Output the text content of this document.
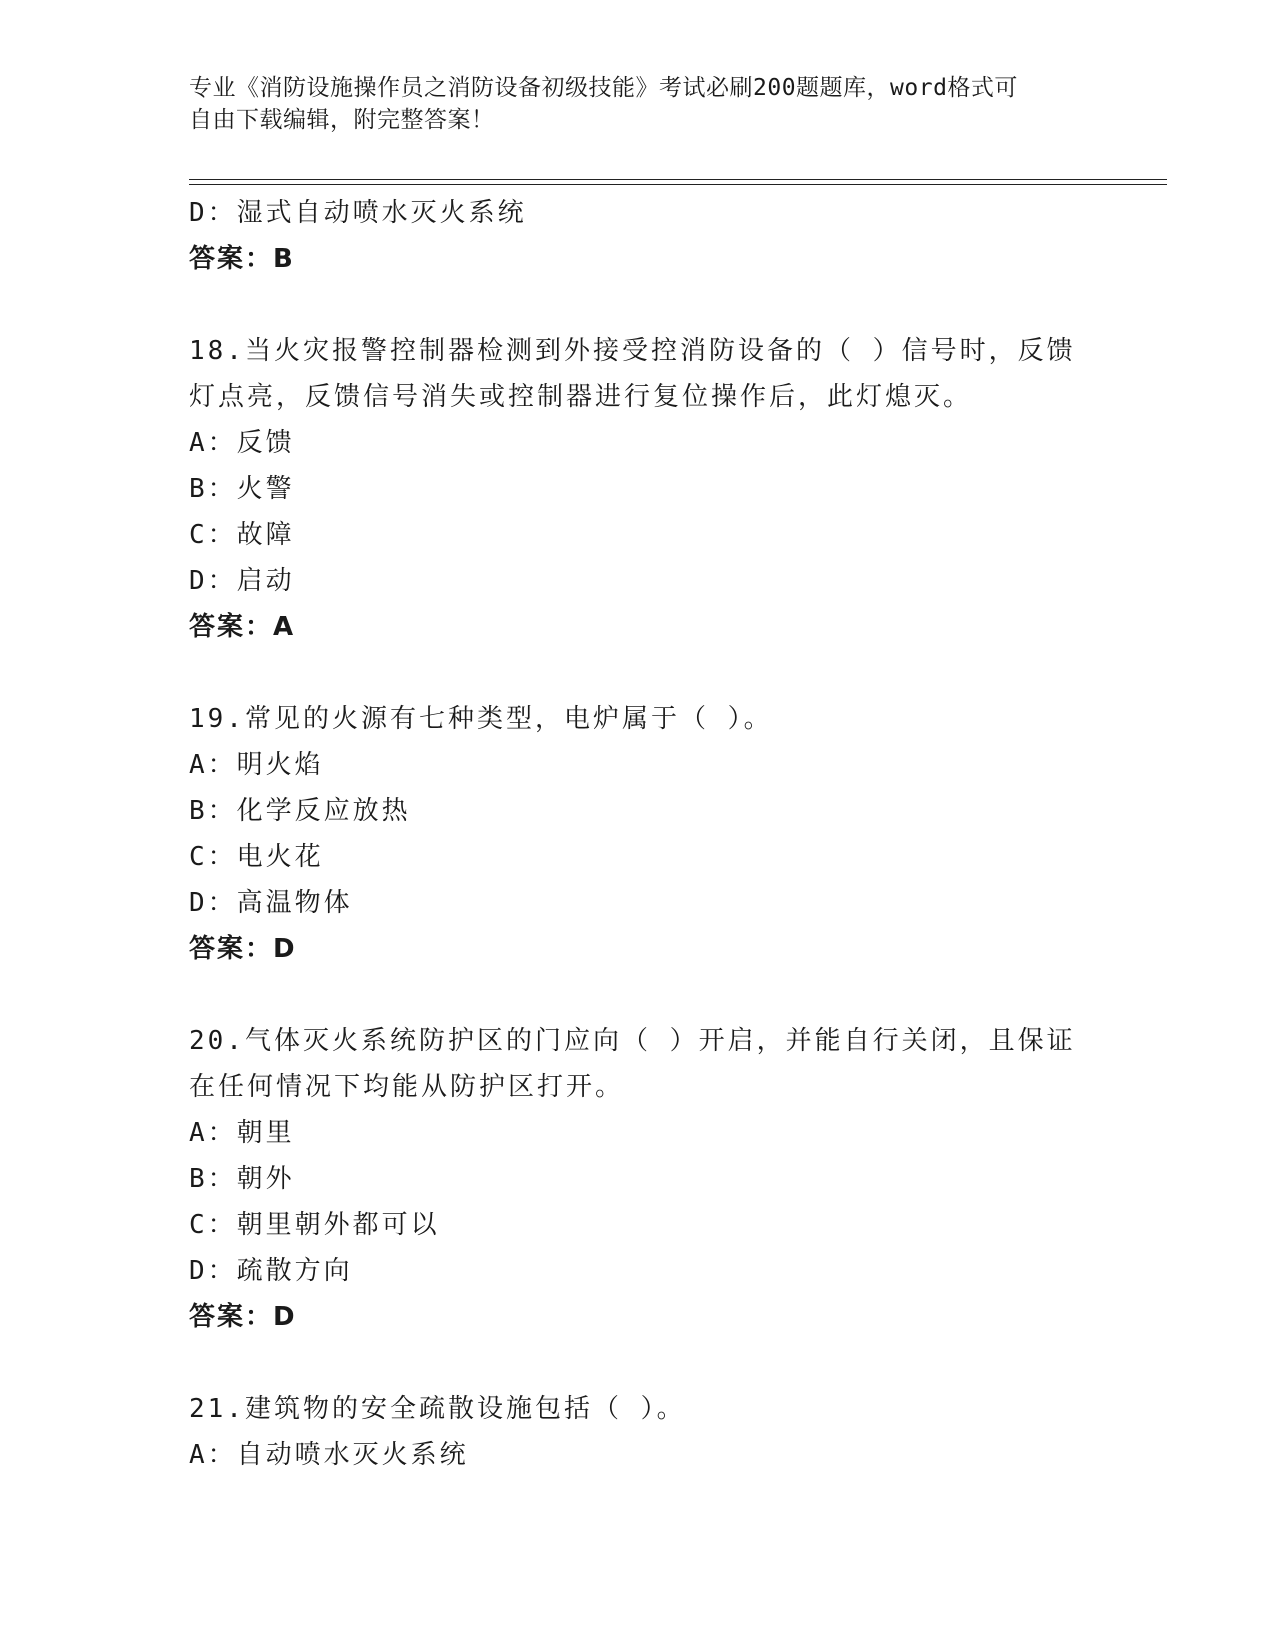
专业《消防设施操作员之消防设备初级技能》考试必刷200题题库，word格式可
自由下载编辑，附完整答案！
D：湿式自动喷水灭火系统
答案：B
18.当火灾报警控制器检测到外接受控消防设备的（ ）信号时，反馈
灯点亮，反馈信号消失或控制器进行复位操作后，此灯熄灭。
A：反馈
B：火警
C：故障
D：启动
答案：A
19.常见的火源有七种类型，电炉属于（ ）。
A：明火焰
B：化学反应放热
C：电火花
D：高温物体
答案：D
20.气体灭火系统防护区的门应向（ ）开启，并能自行关闭，且保证
在任何情况下均能从防护区打开。
A：朝里
B：朝外
C：朝里朝外都可以
D：疏散方向
答案：D
21.建筑物的安全疏散设施包括（ ）。
A：自动喷水灭火系统
